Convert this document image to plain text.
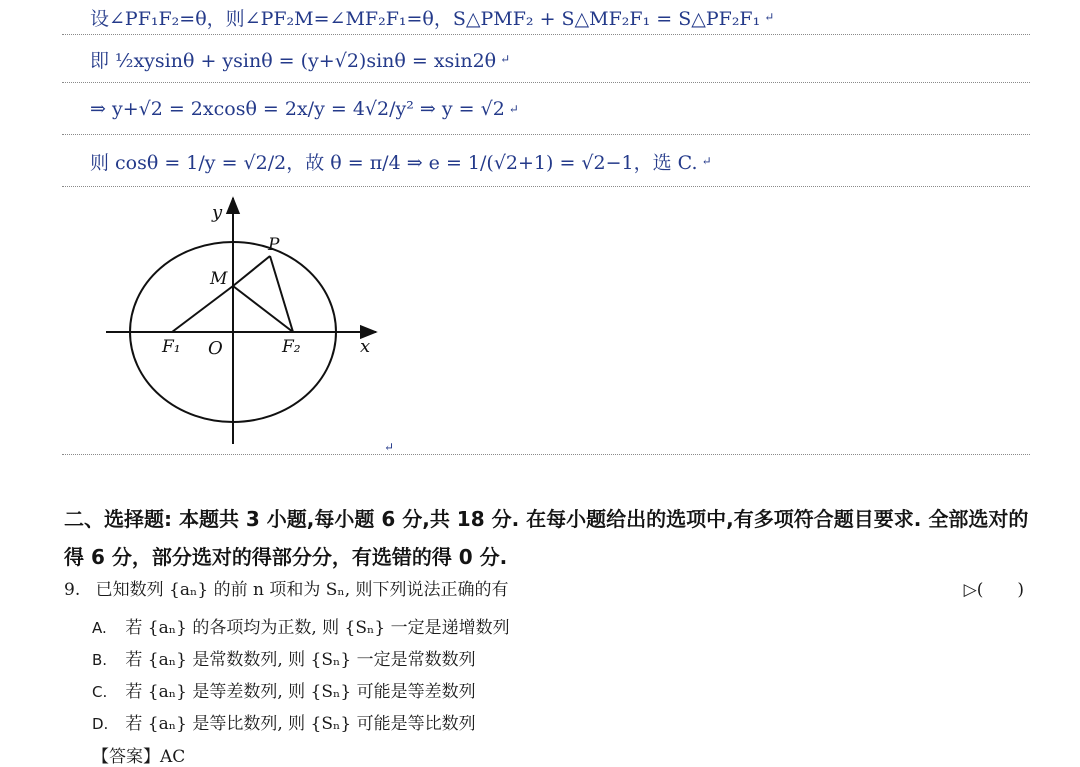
设∠PF₁F₂=θ，则∠PF₂M=∠MF₂F₁=θ，S△PMF₂ + S△MF₂F₁ = S△PF₂F₁ ↵
即 ½xysinθ + ysinθ = (y+√2)sinθ = xsin2θ ↵
⇒ y+√2 = 2xcosθ = 2x/y = 4√2/y² ⇒ y = √2 ↵
则 cosθ = 1/y = √2/2，故 θ = π/4 ⇒ e = 1/(√2+1) = √2−1，选 C. ↵
y
x
O
F₁	F₂
P
M
↵
二、选择题: 本题共 3 小题,每小题 6 分,共 18 分. 在每小题给出的选项中,有多项符合题目要求. 全部选对的得 6 分，部分选对的得部分分，有选错的得 0 分.
9. 已知数列 {aₙ} 的前 n 项和为 Sₙ, 则下列说法正确的有	▷(　　)
A. 若 {aₙ} 的各项均为正数, 则 {Sₙ} 一定是递增数列
B. 若 {aₙ} 是常数数列, 则 {Sₙ} 一定是常数数列
C. 若 {aₙ} 是等差数列, 则 {Sₙ} 可能是等差数列
D. 若 {aₙ} 是等比数列, 则 {Sₙ} 可能是等比数列
【答案】AC
